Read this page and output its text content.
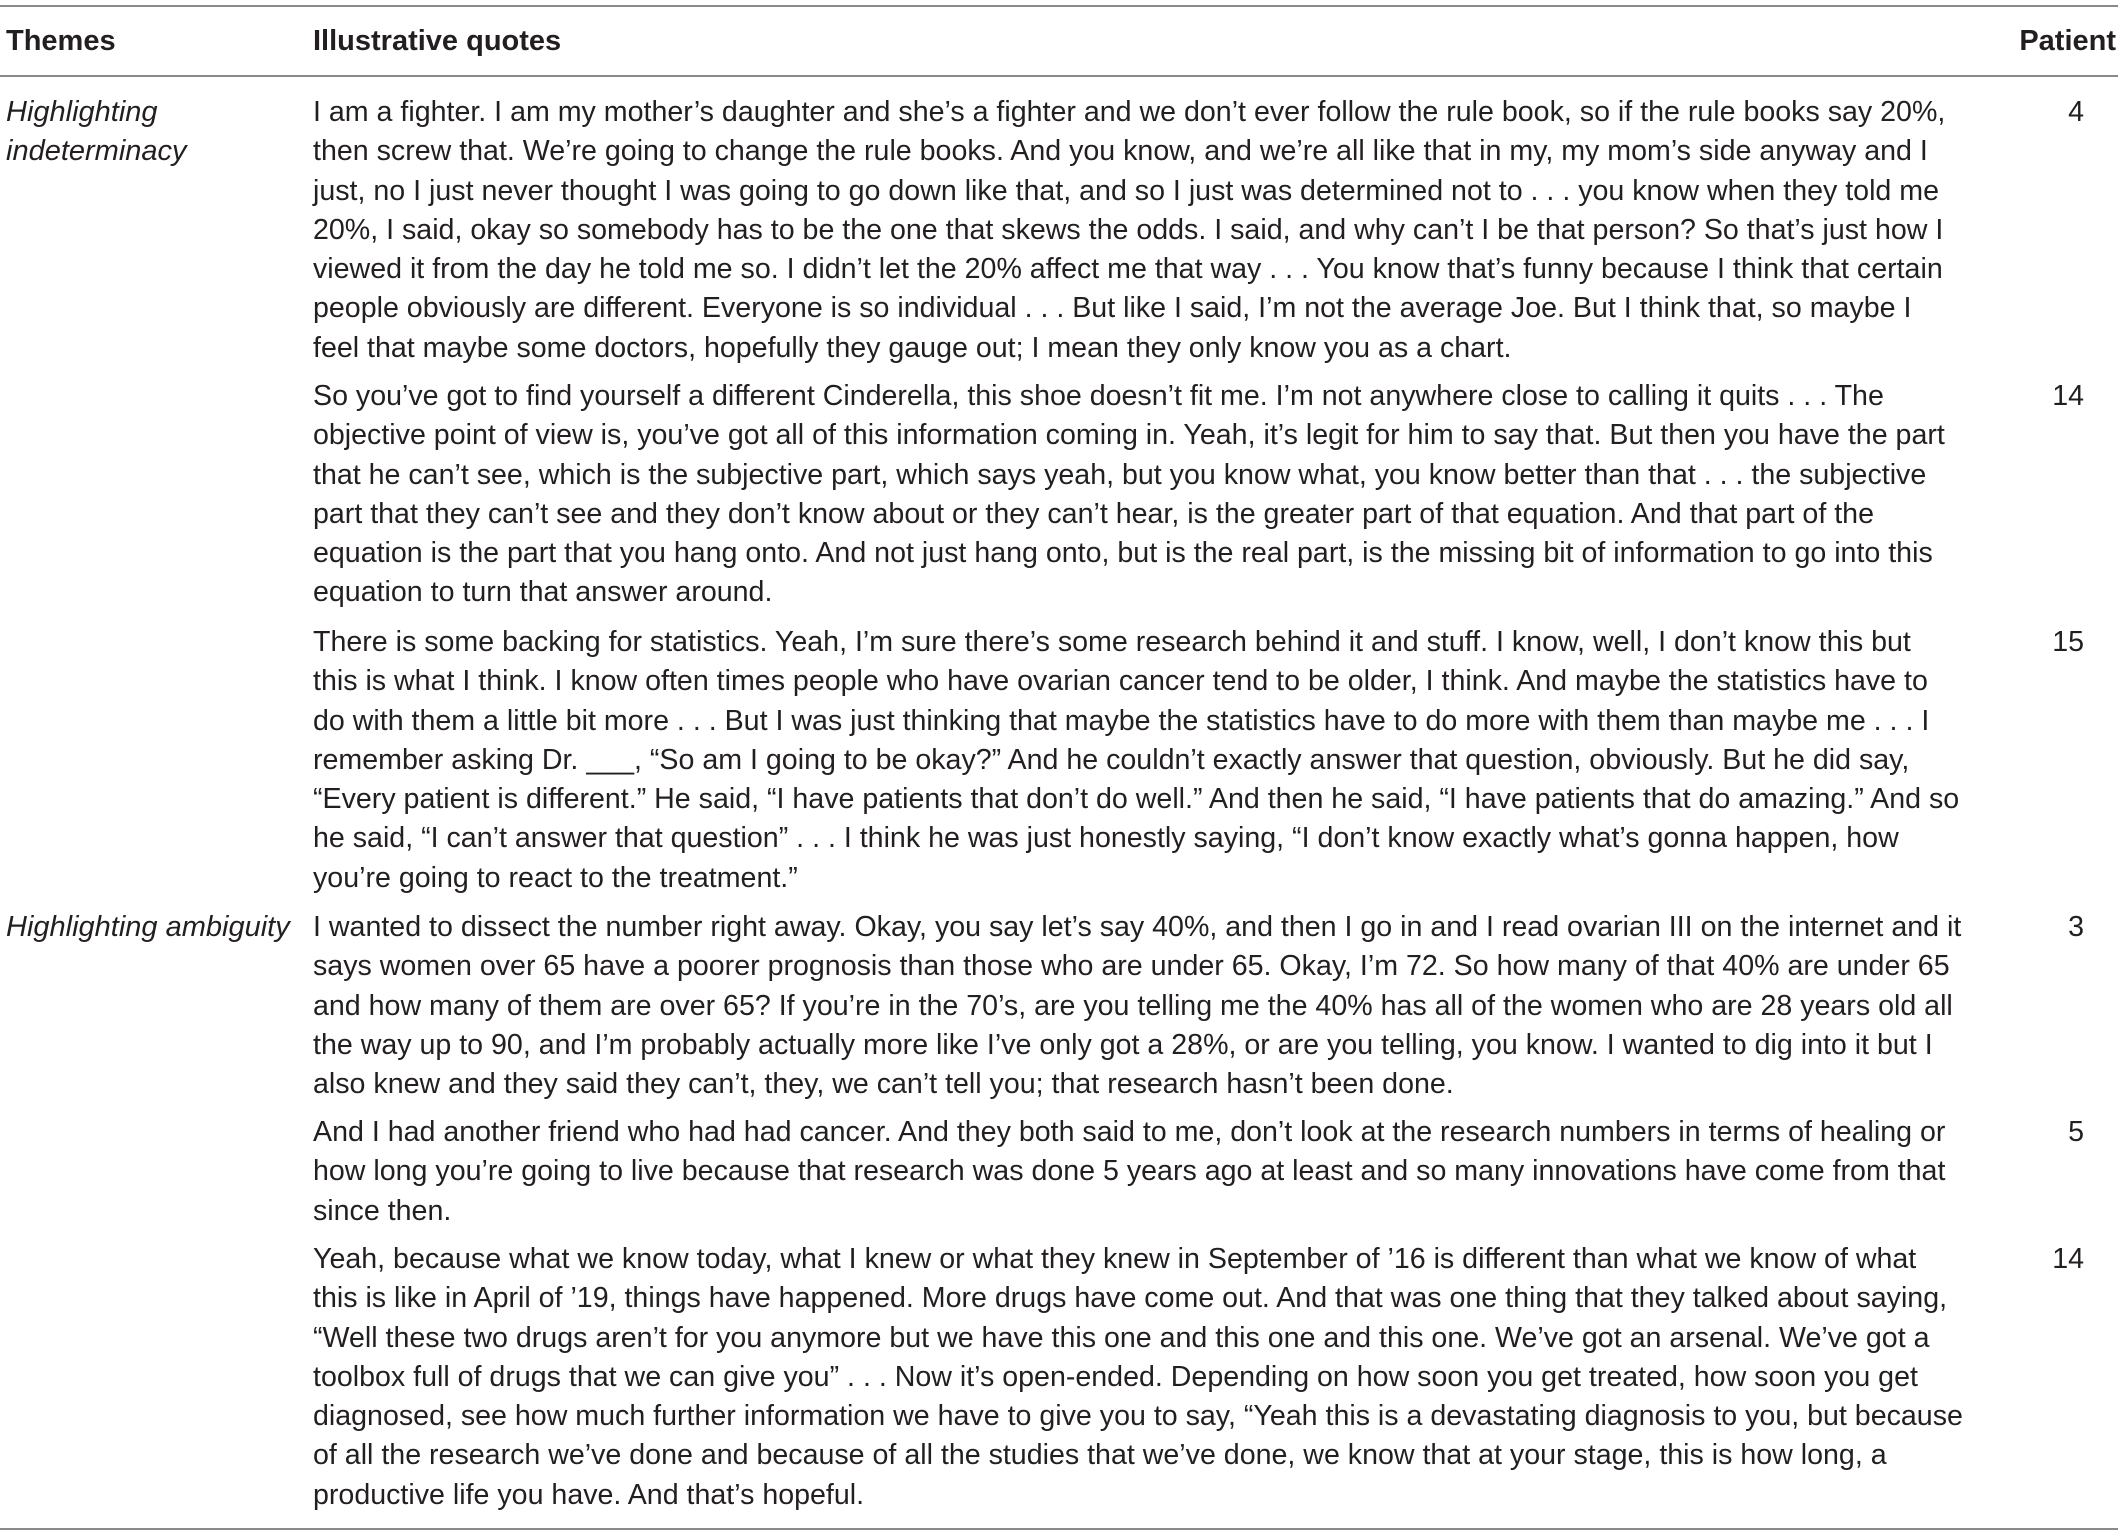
Themes	Illustrative quotes	Patient
Highlighting indeterminacy
I am a fighter. I am my mother’s daughter and she’s a fighter and we don’t ever follow the rule book, so if the rule books say 20%, then screw that. We’re going to change the rule books. And you know, and we’re all like that in my, my mom’s side anyway and I just, no I just never thought I was going to go down like that, and so I just was determined not to . . . you know when they told me 20%, I said, okay so somebody has to be the one that skews the odds. I said, and why can’t I be that person? So that’s just how I viewed it from the day he told me so. I didn’t let the 20% affect me that way . . . You know that’s funny because I think that certain people obviously are different. Everyone is so individual . . . But like I said, I’m not the average Joe. But I think that, so maybe I feel that maybe some doctors, hopefully they gauge out; I mean they only know you as a chart.
4
So you’ve got to find yourself a different Cinderella, this shoe doesn’t fit me. I’m not anywhere close to calling it quits . . . The objective point of view is, you’ve got all of this information coming in. Yeah, it’s legit for him to say that. But then you have the part that he can’t see, which is the subjective part, which says yeah, but you know what, you know better than that . . . the subjective part that they can’t see and they don’t know about or they can’t hear, is the greater part of that equation. And that part of the equation is the part that you hang onto. And not just hang onto, but is the real part, is the missing bit of information to go into this equation to turn that answer around.
14
There is some backing for statistics. Yeah, I’m sure there’s some research behind it and stuff. I know, well, I don’t know this but this is what I think. I know often times people who have ovarian cancer tend to be older, I think. And maybe the statistics have to do with them a little bit more . . . But I was just thinking that maybe the statistics have to do more with them than maybe me . . . I remember asking Dr. ___, “So am I going to be okay?” And he couldn’t exactly answer that question, obviously. But he did say, “Every patient is different.” He said, “I have patients that don’t do well.” And then he said, “I have patients that do amazing.” And so he said, “I can’t answer that question” . . . I think he was just honestly saying, “I don’t know exactly what’s gonna happen, how you’re going to react to the treatment.”
15
Highlighting ambiguity I wanted to dissect the number right away. Okay, you say let’s say 40%, and then I go in and I read ovarian III on the internet and it says women over 65 have a poorer prognosis than those who are under 65. Okay, I’m 72. So how many of that 40% are under 65 and how many of them are over 65? If you’re in the 70’s, are you telling me the 40% has all of the women who are 28 years old all the way up to 90, and I’m probably actually more like I’ve only got a 28%, or are you telling, you know. I wanted to dig into it but I also knew and they said they can’t, they, we can’t tell you; that research hasn’t been done.
3
And I had another friend who had had cancer. And they both said to me, don’t look at the research numbers in terms of healing or how long you’re going to live because that research was done 5 years ago at least and so many innovations have come from that since then.
5
Yeah, because what we know today, what I knew or what they knew in September of ’16 is different than what we know of what this is like in April of ’19, things have happened. More drugs have come out. And that was one thing that they talked about saying, “Well these two drugs aren’t for you anymore but we have this one and this one and this one. We’ve got an arsenal. We’ve got a toolbox full of drugs that we can give you” . . . Now it’s open-ended. Depending on how soon you get treated, how soon you get diagnosed, see how much further information we have to give you to say, “Yeah this is a devastating diagnosis to you, but because of all the research we’ve done and because of all the studies that we’ve done, we know that at your stage, this is how long, a productive life you have. And that’s hopeful.
14
